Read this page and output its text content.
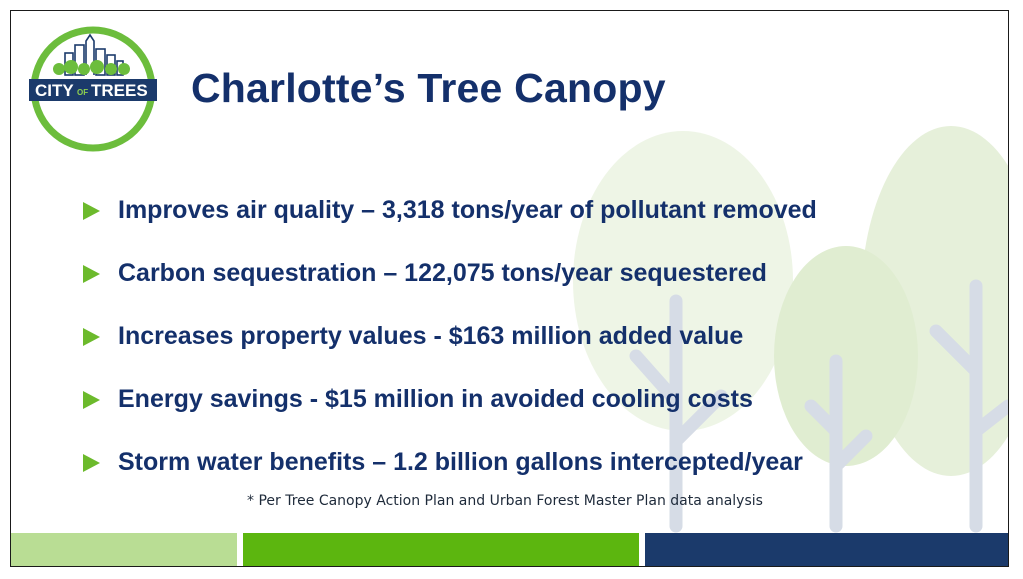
CITY OF TREES
CITY OF
CHARLOTTE
Charlotte’s Tree Canopy
Improves air quality – 3,318 tons/year of pollutant removed
Carbon sequestration – 122,075 tons/year sequestered
Increases property values - $163 million added value
Energy savings - $15 million in avoided cooling costs
Storm water benefits – 1.2 billion gallons intercepted/year
* Per Tree Canopy Action Plan and Urban Forest Master Plan data analysis
